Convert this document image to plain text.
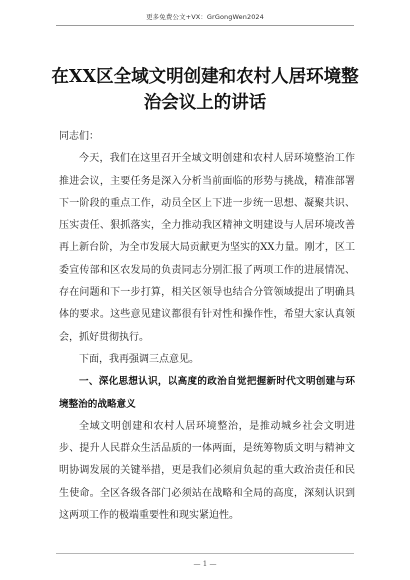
更多免费公文+VX：GrGongWen2024
在XX区全域文明创建和农村人居环境整
治会议上的讲话

同志们：

今天，我们在这里召开全域文明创建和农村人居环境整治工作推进会议，主要任务是深入分析当前面临的形势与挑战，精准部署下一阶段的重点工作，动员全区上下进一步统一思想、凝聚共识、压实责任、狠抓落实，全力推动我区精神文明建设与人居环境改善再上新台阶，为全市发展大局贡献更为坚实的XX力量。刚才，区工委宣传部和区农发局的负责同志分别汇报了两项工作的进展情况、存在问题和下一步打算，相关区领导也结合分管领域提出了明确具体的要求。这些意见建议都很有针对性和操作性，希望大家认真领会，抓好贯彻执行。

下面，我再强调三点意见。

一、深化思想认识，以高度的政治自觉把握新时代文明创建与环境整治的战略意义

全域文明创建和农村人居环境整治，是推动城乡社会文明进步、提升人民群众生活品质的一体两面，是统筹物质文明与精神文明协调发展的关键举措，更是我们必须肩负起的重大政治责任和民生使命。全区各级各部门必须站在战略和全局的高度，深刻认识到这两项工作的极端重要性和现实紧迫性。

— 1 —
